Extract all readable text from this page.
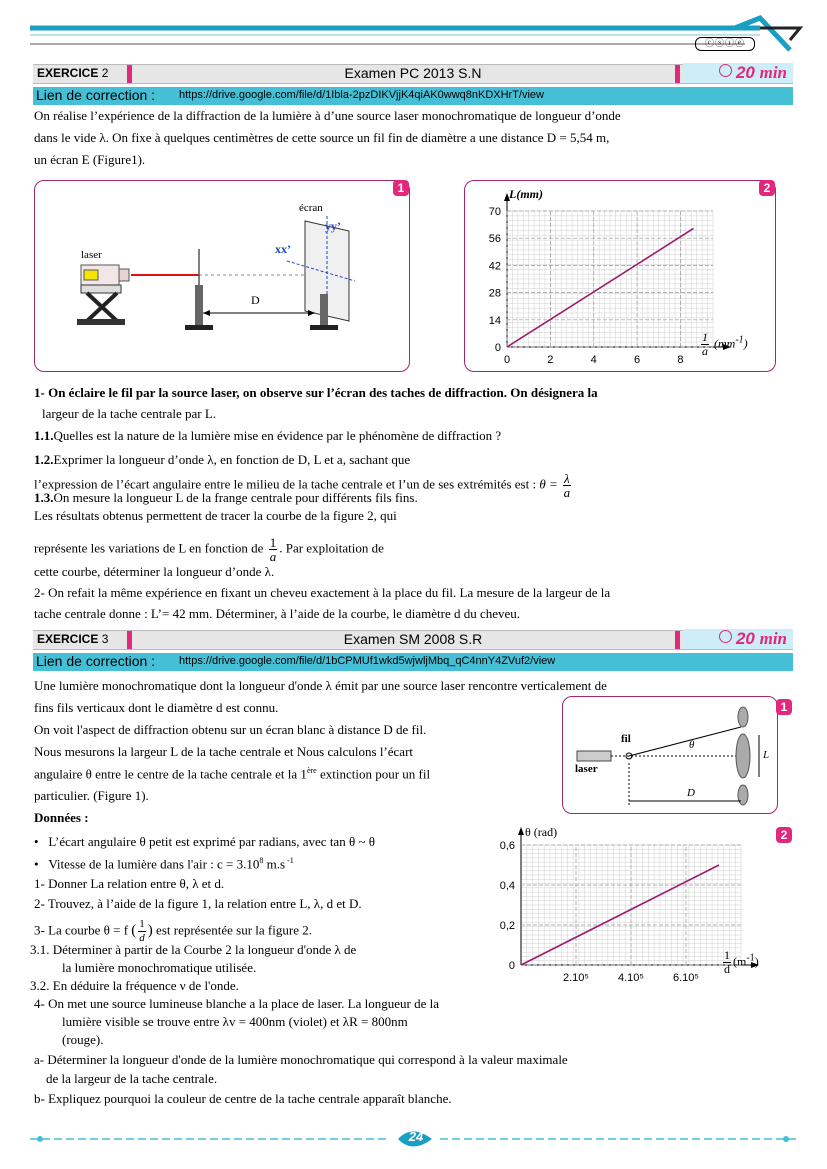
ⓒⓢⓘⓔ
EXERCICE 2	Examen PC 2013 S.N	20 min
Lien de correction : https://drive.google.com/file/d/1Ibla-2pzDIKVjjK4qiAK0wwq8nKDXHrT/view
On réalise l’expérience de la diffraction de la lumière à d’une source laser monochromatique de longueur d’onde
dans le vide λ. On fixe à quelques centimètres de cette source un fil fin de diamètre a une distance D = 5,54 m,
un écran E (Figure1).
écran
yy’
xx’
laser
D
1
0
14
28
42
56
70
0	2	4	6	8
L(mm)
$\frac{1}{a} (mm^{-1})$
2
1- On éclaire le fil par la source laser, on observe sur l’écran des taches de diffraction. On désignera la
largeur de la tache centrale par L.
1.1.Quelles est la nature de la lumière mise en évidence par le phénomène de diffraction ?
1.2.Exprimer la longueur d’onde λ, en fonction de D, L et a, sachant que
l’expression de l’écart angulaire entre le milieu de la tache centrale et l’un de ses extrémités est : $\theta = \frac{\lambda}{a}$
1.3.On mesure la longueur L de la frange centrale pour différents fils fins.
Les résultats obtenus permettent de tracer la courbe de la figure 2, qui
représente les variations de L en fonction de $\frac{1}{a}$ . Par exploitation de
cette courbe, déterminer la longueur d’onde λ.
2- On refait la même expérience en fixant un cheveu exactement à la place du fil. La mesure de la largeur de la
tache centrale donne : L’= 42 mm. Déterminer, à l’aide de la courbe, le diamètre d du cheveu.
EXERCICE 3	Examen SM 2008 S.R	20 min
Lien de correction : https://drive.google.com/file/d/1bCPMUf1wkd5wjwljMbq_qC4nnY4ZVuf2/view
Une lumière monochromatique dont la longueur d'onde λ émit par une source laser rencontre verticalement de
fins fils verticaux dont le diamètre d est connu.
On voit l'aspect de diffraction obtenu sur un écran blanc à distance D de fil.
Nous mesurons la largeur L de la tache centrale et Nous calculons l’écart
angulaire θ entre le centre de la tache centrale et la 1ère extinction pour un fil
particulier. (Figure 1).
Données :
fil
laser
θ
L
D
1
0
0,2
0,4
0,6
2.10⁵	4.10⁵	6.10⁵
θ (rad)
$\frac{1}{d} (m^{-1})$
2
•   L’écart angulaire θ petit est exprimé par radians, avec tan θ ~ θ
•   Vitesse de la lumière dans l'air : $c = 3.10^8$ m.s $^{-1}$
1- Donner La relation entre θ, λ et d.
2- Trouvez, à l’aide de la figure 1, la relation entre L, λ, d et D.
3- La courbe θ = f ( $\frac{1}{d}$ ) est représentée sur la figure 2.
3.1. Déterminer à partir de la Courbe 2 la longueur d'onde λ de
la lumière monochromatique utilisée.
3.2. En déduire la fréquence ν de l'onde.
4- On met une source lumineuse blanche a la place de laser. La longueur de la
lumière visible se trouve entre λv = 400nm (violet) et λR = 800nm
(rouge).
a- Déterminer la longueur d'onde de la lumière monochromatique qui correspond à la valeur maximale
de la largeur de la tache centrale.
b- Expliquez pourquoi la couleur de centre de la tache centrale apparaît blanche.
24
